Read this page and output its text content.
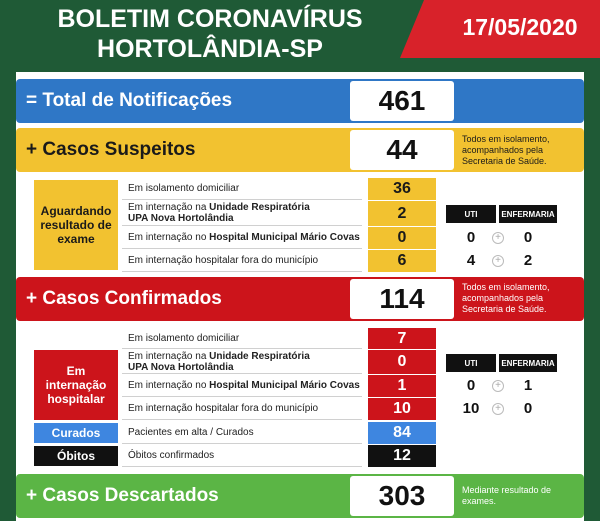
BOLETIM CORONAVÍRUS
HORTOLÂNDIA-SP
17/05/2020
= Total de Notificações	461
+ Casos Suspeitos	44	Todos em isolamento, acompanhados pela Secretaria de Saúde.
Aguardando resultado de exame
Em isolamento domiciliar	36
Em internação na Unidade Respiratória
UPA Nova Hortolândia	2
Em internação no Hospital Municipal Mário Covas	0
Em internação hospitalar fora do município	6
UTI	ENFERMARIA
0	+	0
4	+	2
+ Casos Confirmados	114	Todos em isolamento, acompanhados pela Secretaria de Saúde.
Em internação hospitalar
Em isolamento domiciliar	7
Em internação na Unidade Respiratória
UPA Nova Hortolândia	0
Em internação no Hospital Municipal Mário Covas	1
Em internação hospitalar fora do município	10
Curados	Pacientes em alta / Curados	84
Óbitos	Óbitos confirmados	12
UTI	ENFERMARIA
0	+	1
10	+	0
+ Casos Descartados	303	Mediante resultado de exames.
